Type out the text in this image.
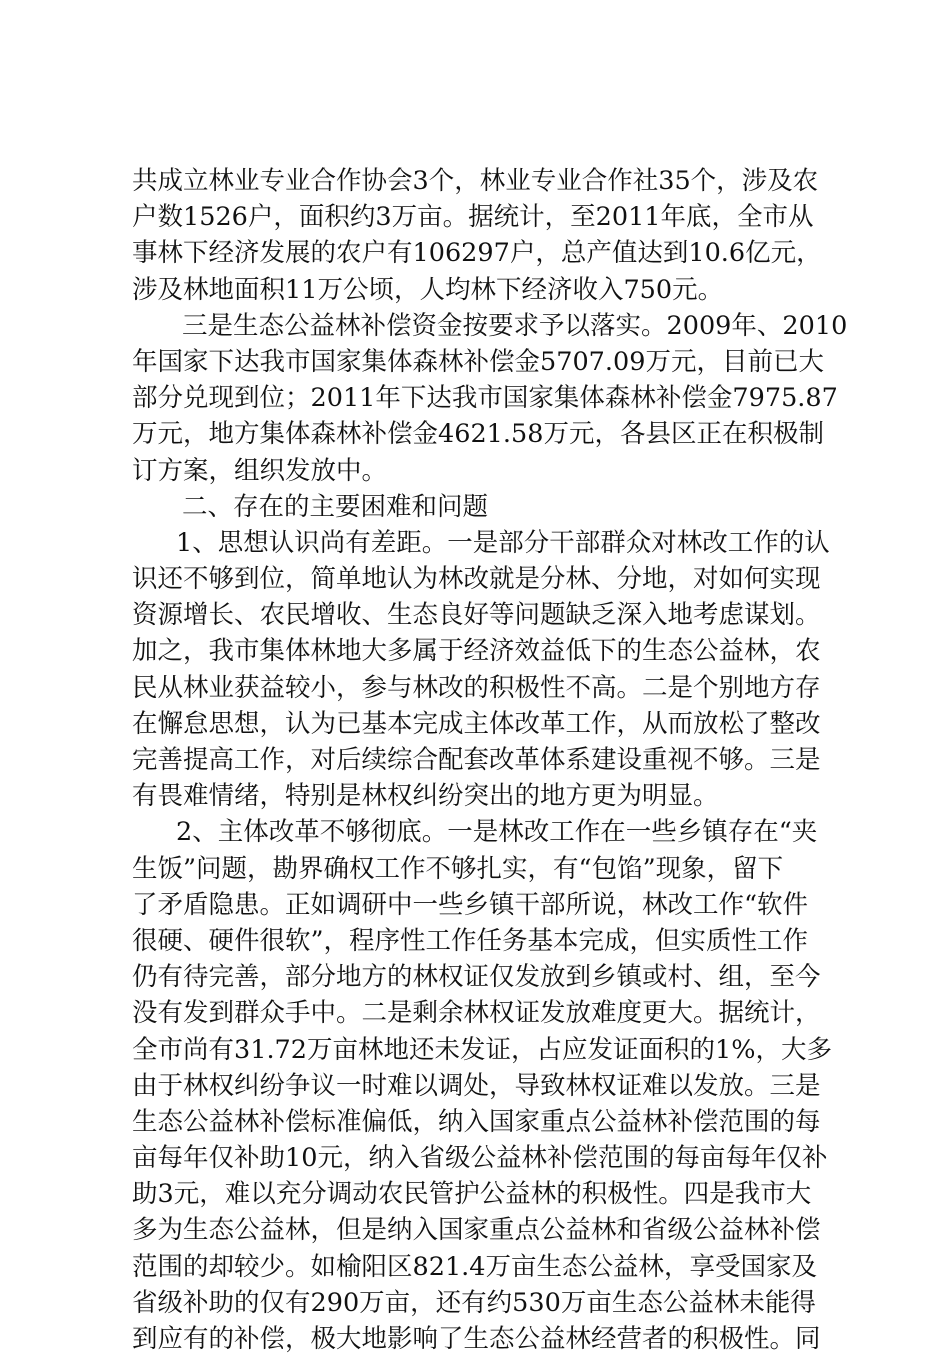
共成立林业专业合作协会3个，林业专业合作社35个，涉及农
户数1526户，面积约3万亩。据统计，至2011年底，全市从
事林下经济发展的农户有106297户，总产值达到10.6亿元，
涉及林地面积11万公顷，人均林下经济收入750元。
三是生态公益林补偿资金按要求予以落实。2009年、2010
年国家下达我市国家集体森林补偿金5707.09万元，目前已大
部分兑现到位；2011年下达我市国家集体森林补偿金7975.87
万元，地方集体森林补偿金4621.58万元，各县区正在积极制
订方案，组织发放中。
二、存在的主要困难和问题
1、思想认识尚有差距。一是部分干部群众对林改工作的认
识还不够到位，简单地认为林改就是分林、分地，对如何实现
资源增长、农民增收、生态良好等问题缺乏深入地考虑谋划。
加之，我市集体林地大多属于经济效益低下的生态公益林，农
民从林业获益较小，参与林改的积极性不高。二是个别地方存
在懈怠思想，认为已基本完成主体改革工作，从而放松了整改
完善提高工作，对后续综合配套改革体系建设重视不够。三是
有畏难情绪，特别是林权纠纷突出的地方更为明显。
2、主体改革不够彻底。一是林改工作在一些乡镇存在“夹
生饭”问题，勘界确权工作不够扎实，有“包馅”现象，留下
了矛盾隐患。正如调研中一些乡镇干部所说，林改工作“软件
很硬、硬件很软”，程序性工作任务基本完成，但实质性工作
仍有待完善，部分地方的林权证仅发放到乡镇或村、组，至今
没有发到群众手中。二是剩余林权证发放难度更大。据统计，
全市尚有31.72万亩林地还未发证，占应发证面积的1%，大多
由于林权纠纷争议一时难以调处，导致林权证难以发放。三是
生态公益林补偿标准偏低，纳入国家重点公益林补偿范围的每
亩每年仅补助10元，纳入省级公益林补偿范围的每亩每年仅补
助3元，难以充分调动农民管护公益林的积极性。四是我市大
多为生态公益林，但是纳入国家重点公益林和省级公益林补偿
范围的却较少。如榆阳区821.4万亩生态公益林，享受国家及
省级补助的仅有290万亩，还有约530万亩生态公益林未能得
到应有的补偿，极大地影响了生态公益林经营者的积极性。同
